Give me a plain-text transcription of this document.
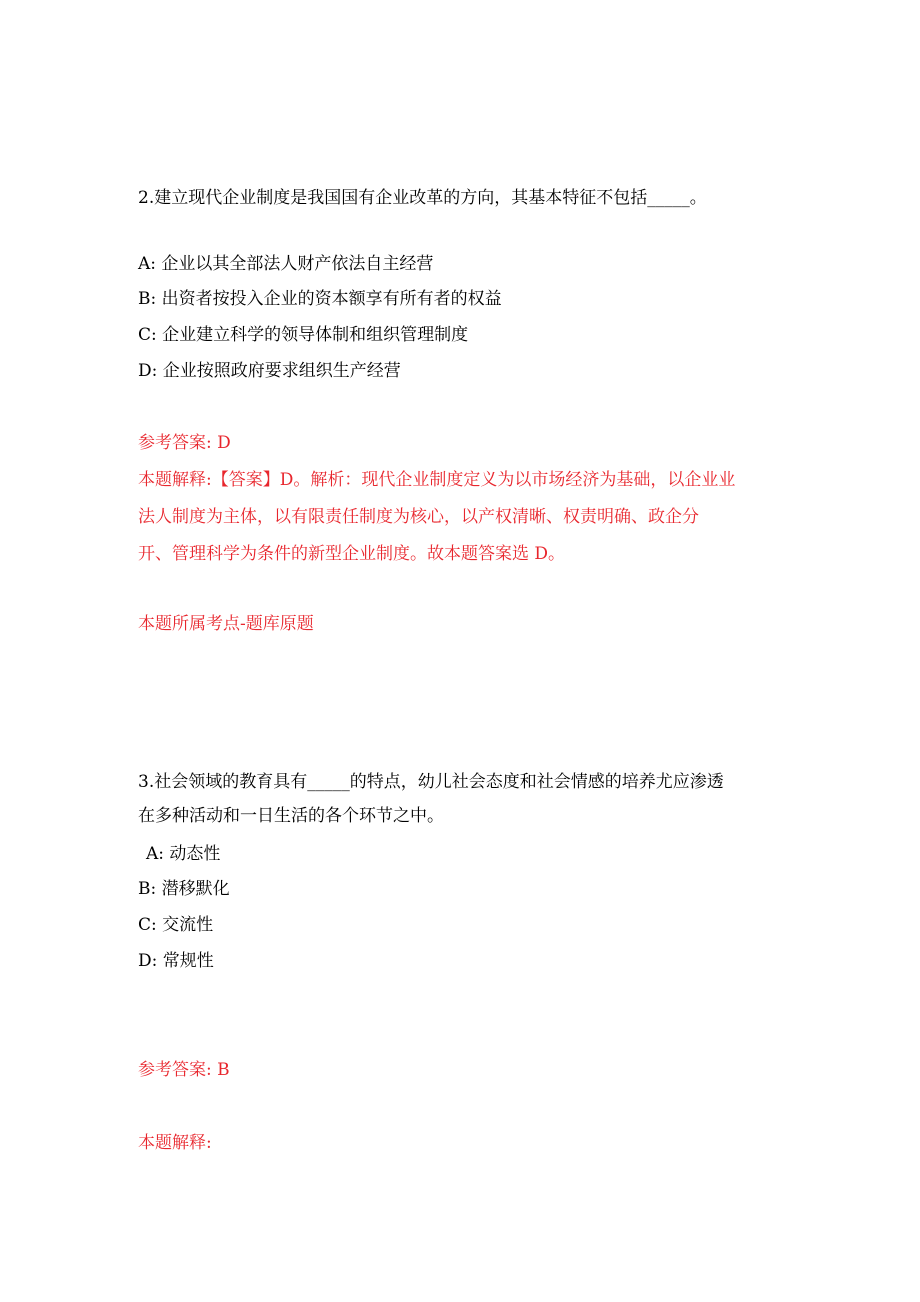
2.建立现代企业制度是我国国有企业改革的方向，其基本特征不包括_____。
A: 企业以其全部法人财产依法自主经营
B: 出资者按投入企业的资本额享有所有者的权益
C: 企业建立科学的领导体制和组织管理制度
D: 企业按照政府要求组织生产经营
参考答案: D
本题解释:【答案】D。解析：现代企业制度定义为以市场经济为基础，以企业业
法人制度为主体，以有限责任制度为核心，以产权清晰、权责明确、政企分
开、管理科学为条件的新型企业制度。故本题答案选 D。
本题所属考点-题库原题
3.社会领域的教育具有_____的特点，幼儿社会态度和社会情感的培养尤应渗透
在多种活动和一日生活的各个环节之中。
A: 动态性
B: 潜移默化
C: 交流性
D: 常规性
参考答案: B
本题解释:
